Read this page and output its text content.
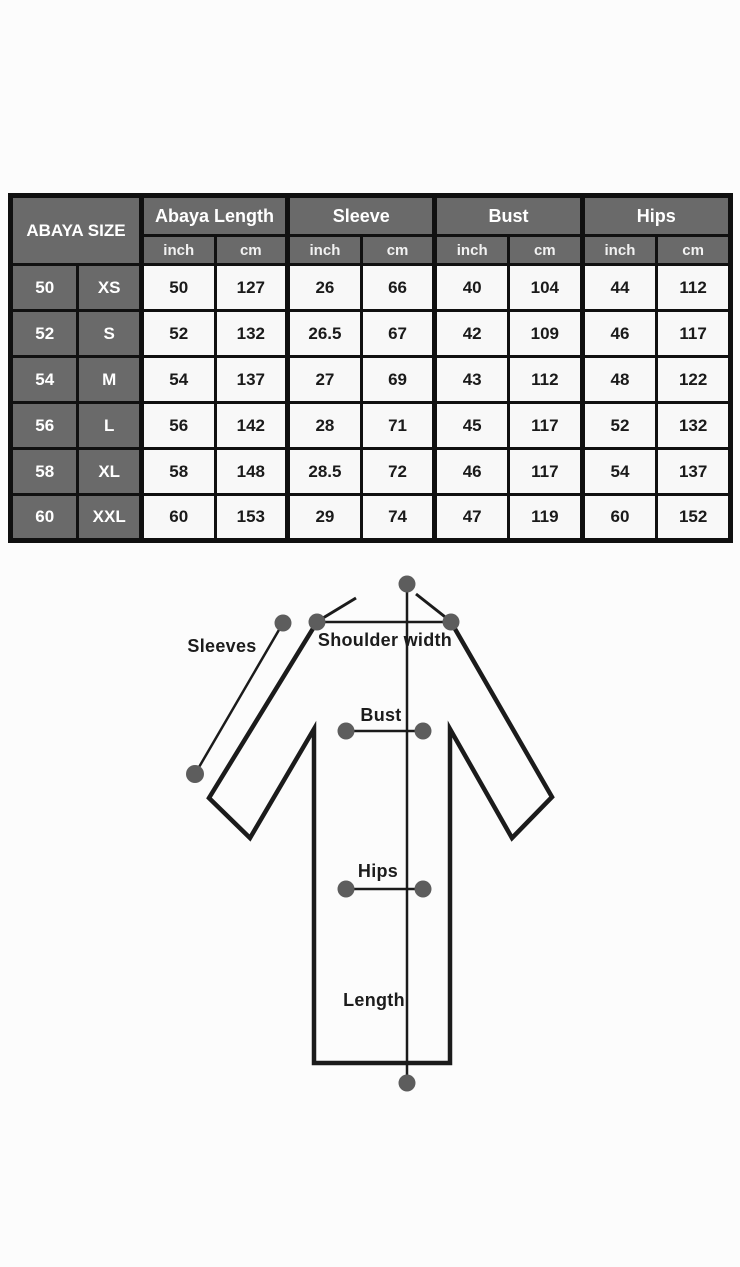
ABAYA SIZE		Abaya Length		Sleeve		Bust		Hips	
		inch	cm	inch	cm	inch	cm	inch	cm
50	XS	50	127	26	66	40	104	44	112
52	S	52	132	26.5	67	42	109	46	117
54	M	54	137	27	69	43	112	48	122
56	L	56	142	28	71	45	117	52	132
58	XL	58	148	28.5	72	46	117	54	137
60	XXL	60	153	29	74	47	119	60	152
Sleeves	Shoulder width
Bust
Hips
Length
